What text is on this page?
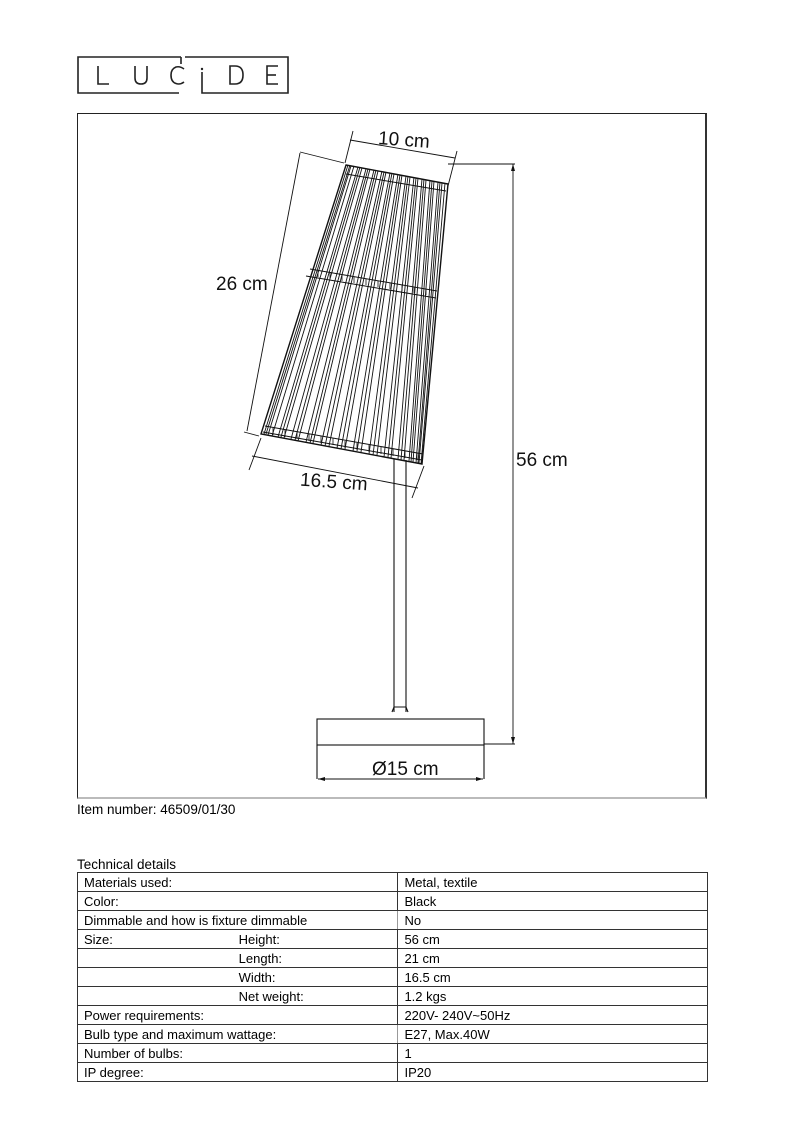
10 cm
26 cm
16.5 cm
56 cm
Ø15 cm
Item number: 46509/01/30
Technical details
Materials used:		Metal, textile
Color:		Black
Dimmable and how is fixture dimmable		No
Size:	Height:	56 cm
	Length:	21 cm
	Width:	16.5 cm
	Net weight:	1.2 kgs
Power requirements:		220V- 240V~50Hz
Bulb type and maximum wattage:		E27, Max.40W
Number of bulbs:		1
IP degree:		IP20
